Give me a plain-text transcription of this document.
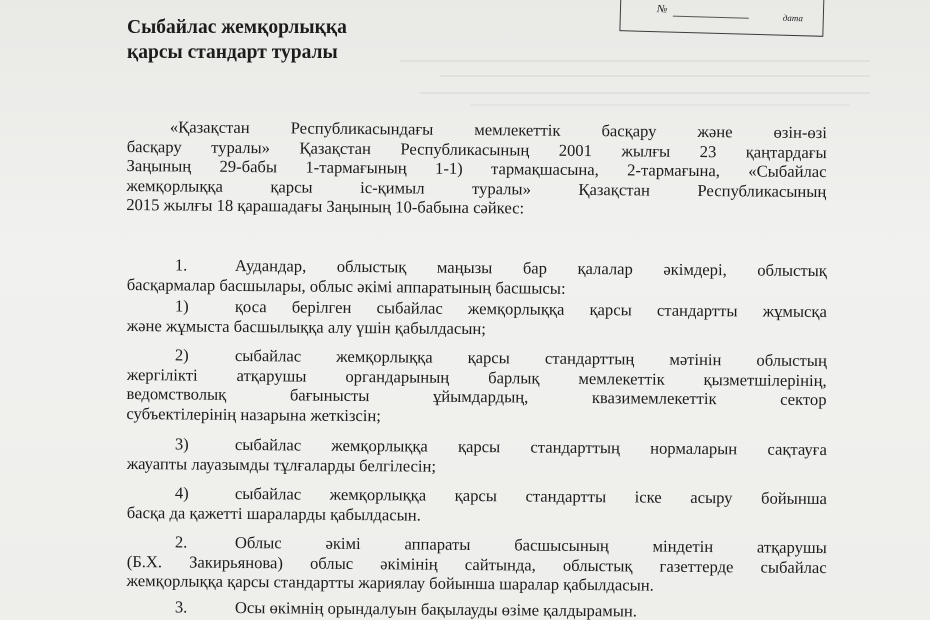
№
дата
Сыбайлас жемқорлыққа
қарсы стандарт туралы
«Қазақстан Республикасындағы мемлекеттік басқару және өзін-өзі
басқару туралы» Қазақстан Республикасының 2001 жылғы 23 қаңтардағы
Заңының 29-бабы 1-тармағының 1-1) тармақшасына, 2-тармағына, «Сыбайлас
жемқорлыққа қарсы іс-қимыл туралы» Қазақстан Республикасының
2015 жылғы 18 қарашадағы Заңының 10-бабына сәйкес:
1.	Аудандар, облыстық маңызы бар қалалар әкімдері, облыстық
басқармалар басшылары, облыс әкімі аппаратының басшысы:
1)	қоса берілген сыбайлас жемқорлыққа қарсы стандартты жұмысқа
және жұмыста басшылыққа алу үшін қабылдасын;
2)	сыбайлас жемқорлыққа қарсы стандарттың мәтінін облыстың
жергілікті атқарушы органдарының барлық мемлекеттік қызметшілерінің,
ведомстволық бағынысты ұйымдардың, квазимемлекеттік сектор
субъектілерінің назарына жеткізсін;
3)	сыбайлас жемқорлыққа қарсы стандарттың нормаларын сақтауға
жауапты лауазымды тұлғаларды белгілесін;
4)	сыбайлас жемқорлыққа қарсы стандартты іске асыру бойынша
басқа да қажетті шараларды қабылдасын.
2.	Облыс әкімі аппараты басшысының міндетін атқарушы
(Б.Х. Закирьянова) облыс әкімінің сайтында, облыстық газеттерде сыбайлас
жемқорлыққа қарсы стандартты жариялау бойынша шаралар қабылдасын.
3.	Осы өкімнің орындалуын бақылауды өзіме қалдырамын.
